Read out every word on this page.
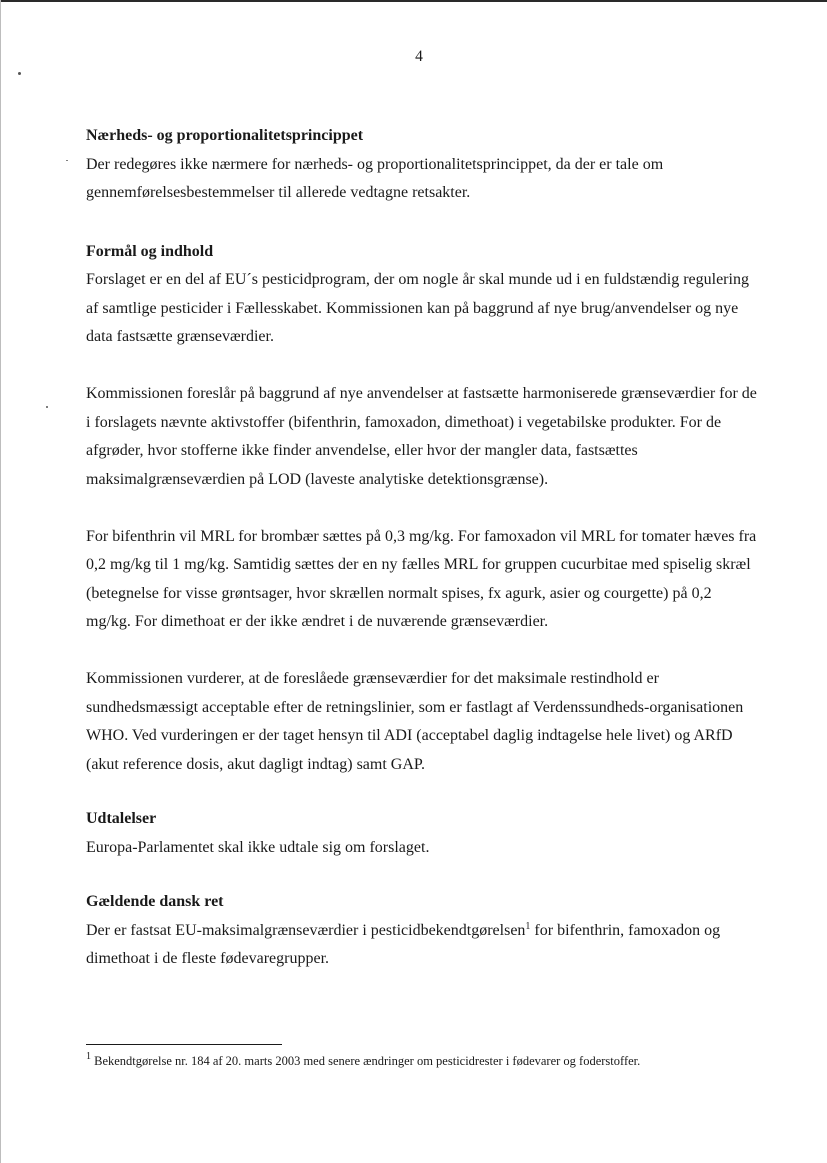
4
Nærheds- og proportionalitetsprincippet

Der redegøres ikke nærmere for nærheds- og proportionalitetsprincippet, da der er tale om gennemførelsesbestemmelser til allerede vedtagne retsakter.

Formål og indhold

Forslaget er en del af EU´s pesticidprogram, der om nogle år skal munde ud i en fuldstændig regulering af samtlige pesticider i Fællesskabet. Kommissionen kan på baggrund af nye brug/anvendelser og nye data fastsætte grænseværdier.

Kommissionen foreslår på baggrund af nye anvendelser at fastsætte harmoniserede grænseværdier for de i forslagets nævnte aktivstoffer (bifenthrin, famoxadon, dimethoat) i vegetabilske produkter. For de afgrøder, hvor stofferne ikke finder anvendelse, eller hvor der mangler data, fastsættes maksimalgrænseværdien på LOD (laveste analytiske detektionsgrænse).

For bifenthrin vil MRL for brombær sættes på 0,3 mg/kg. For famoxadon vil MRL for tomater hæves fra 0,2 mg/kg til 1 mg/kg. Samtidig sættes der en ny fælles MRL for gruppen cucurbitae med spiselig skræl (betegnelse for visse grøntsager, hvor skrællen normalt spises, fx agurk, asier og courgette) på 0,2 mg/kg. For dimethoat er der ikke ændret i de nuværende grænseværdier.

Kommissionen vurderer, at de foreslåede grænseværdier for det maksimale restindhold er sundhedsmæssigt acceptable efter de retningslinier, som er fastlagt af Verdenssundheds-organisationen WHO. Ved vurderingen er der taget hensyn til ADI (acceptabel daglig indtagelse hele livet) og ARfD (akut reference dosis, akut dagligt indtag) samt GAP.

Udtalelser

Europa-Parlamentet skal ikke udtale sig om forslaget.

Gældende dansk ret

Der er fastsat EU-maksimalgrænseværdier i pesticidbekendtgørelsen$^1$ for bifenthrin, famoxadon og dimethoat i de fleste fødevaregrupper.

$^1$ Bekendtgørelse nr. 184 af 20. marts 2003 med senere ændringer om pesticidrester i fødevarer og foderstoffer.
